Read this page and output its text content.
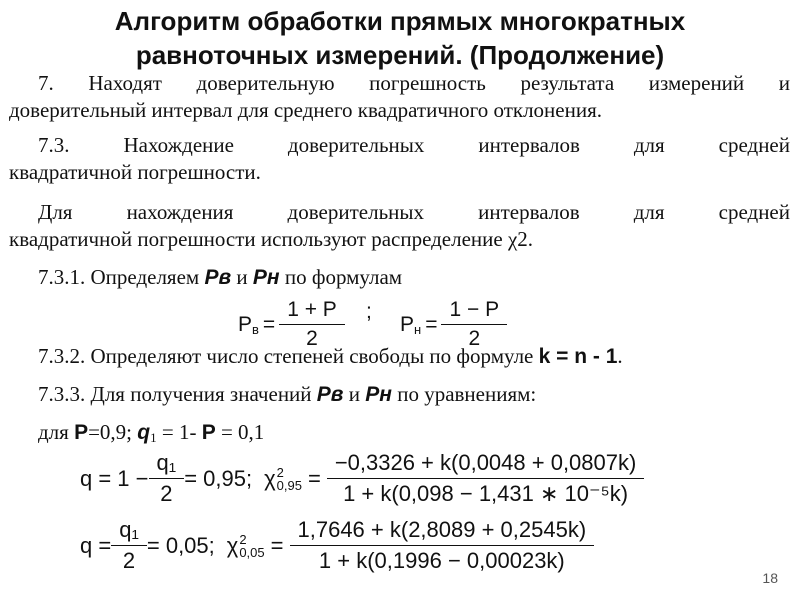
Алгоритм обработки прямых многократных
равноточных измерений. (Продолжение)
7. Находят доверительную погрешность результата измерений и
доверительный интервал для среднего квадратичного отклонения.
7.3. Нахождение доверительных интервалов для средней
квадратичной погрешности.
Для нахождения доверительных интервалов для средней
квадратичной погрешности используют распределение χ2.
7.3.1. Определяем Рв и Рн по формулам
$Р_в = \frac{1 + Р}{2}$ ;
$Р_н = \frac{1 - Р}{2}$
7.3.2. Определяют число степеней свободы по формуле k = n - 1.
7.3.3. Для получения значений Рв и Рн по уравнениям:
для Р=0,9; $q_1 = 1-$ Р = 0,1
$q = 1 - \frac{\text{q₁}}{2} = 0,95$; χ 2
$0,95 = \frac{-0,3326 + k(0,0048 + 0,0807k)}{\text{1 + k(0,098 − 1,431 ∗ 10⁻⁵k)}}$
$q = \frac{\text{q₁}}{2} = 0,05$; χ 2
$0,05 = \frac{1,7646 + k(2,8089 + 0,2545k)}{1 + k(0,1996 - 0,00023k)}$
18
